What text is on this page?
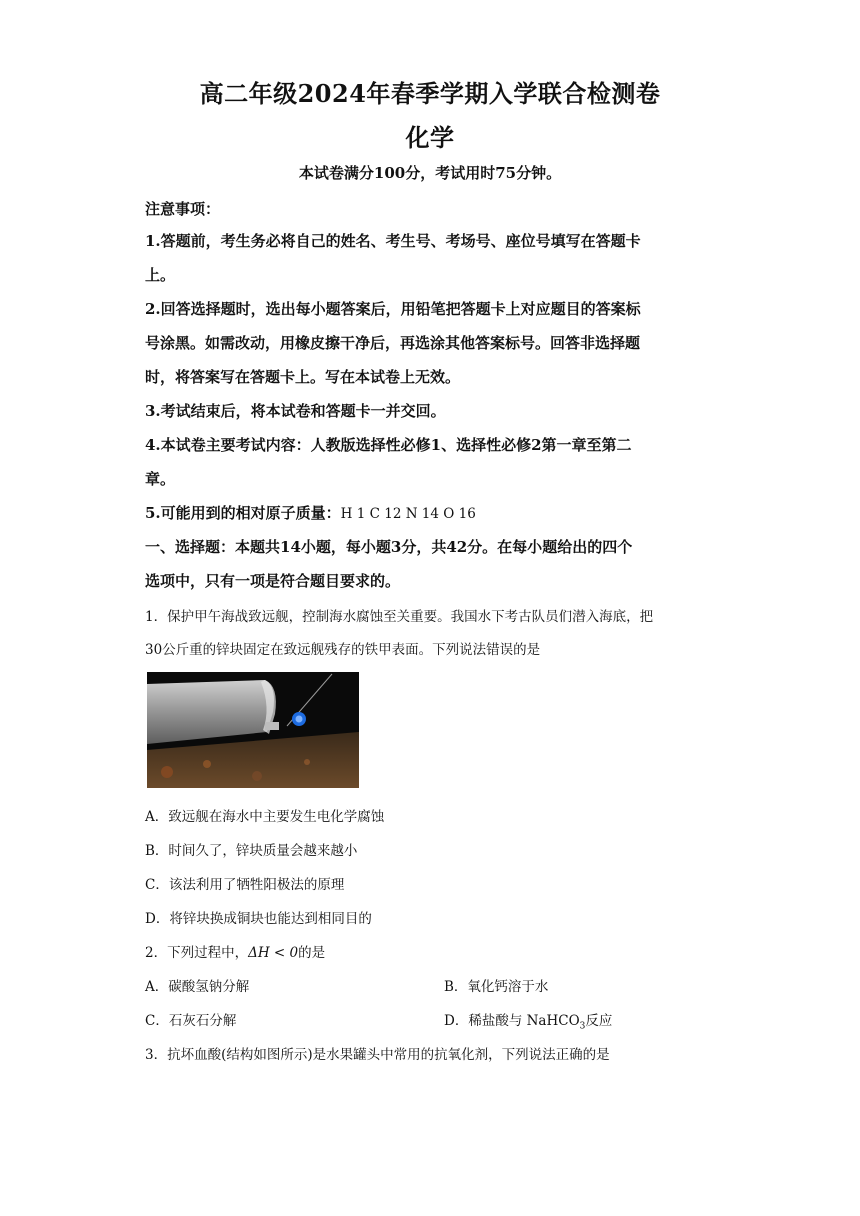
高二年级2024年春季学期入学联合检测卷
化学
本试卷满分100分，考试用时75分钟。
注意事项：
1.答题前，考生务必将自己的姓名、考生号、考场号、座位号填写在答题卡
上。
2.回答选择题时，选出每小题答案后，用铅笔把答题卡上对应题目的答案标
号涂黑。如需改动，用橡皮擦干净后，再选涂其他答案标号。回答非选择题
时，将答案写在答题卡上。写在本试卷上无效。
3.考试结束后，将本试卷和答题卡一并交回。
4.本试卷主要考试内容：人教版选择性必修1、选择性必修2第一章至第二
章。
5.可能用到的相对原子质量：H 1 C 12 N 14 O 16
一、选择题：本题共14小题，每小题3分，共42分。在每小题给出的四个
选项中，只有一项是符合题目要求的。
1．保护甲午海战致远舰，控制海水腐蚀至关重要。我国水下考古队员们潜入海底，把
30公斤重的锌块固定在致远舰残存的铁甲表面。下列说法错误的是
A．致远舰在海水中主要发生电化学腐蚀
B．时间久了，锌块质量会越来越小
C．该法利用了牺牲阳极法的原理
D．将锌块换成铜块也能达到相同目的
2．下列过程中，ΔH < 0的是
A．碳酸氢钠分解	B．氧化钙溶于水
C．石灰石分解	D．稀盐酸与 NaHCO$_3$反应
3．抗坏血酸(结构如图所示)是水果罐头中常用的抗氧化剂，下列说法正确的是
